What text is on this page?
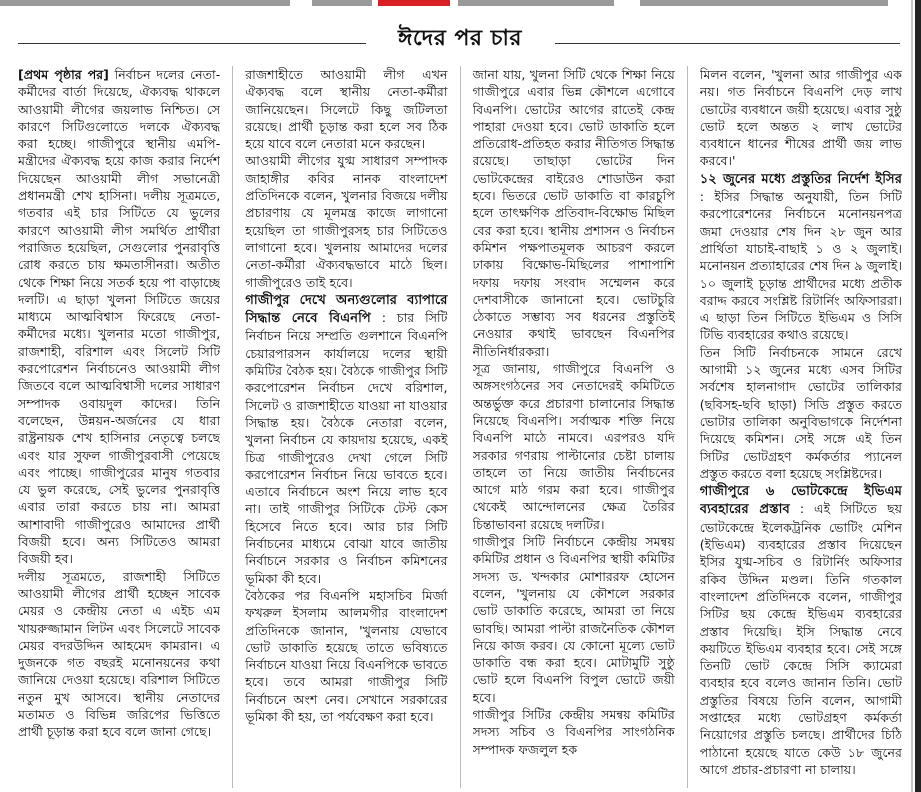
ঈদের পর চার

[প্রথম পৃষ্ঠার পর] নির্বাচন দলের নেতা-কর্মীদের বার্তা দিয়েছে, ঐক্যবদ্ধ থাকলে আওয়ামী লীগের জয়লাভ নিশ্চিত। সে কারণে সিটিগুলোতে দলকে ঐক্যবদ্ধ করা হচ্ছে। গাজীপুরে স্থানীয় এমপি-মন্ত্রীদের ঐক্যবদ্ধ হয়ে কাজ করার নির্দেশ দিয়েছেন আওয়ামী লীগ সভানেত্রী প্রধানমন্ত্রী শেখ হাসিনা। দলীয় সূত্রমতে, গতবার এই চার সিটিতে যে ভুলের কারণে আওয়ামী লীগ সমর্থিত প্রার্থীরা পরাজিত হয়েছিল, সেগুলোর পুনরাবৃত্তি রোধ করতে চায় ক্ষমতাসীনরা। অতীত থেকে শিক্ষা নিয়ে সতর্ক হয়ে পা বাড়াচ্ছে দলটি। এ ছাড়া খুলনা সিটিতে জয়ের মাধ্যমে আত্মবিশ্বাস ফিরেছে নেতা-কর্মীদের মধ্যে। খুলনার মতো গাজীপুর, রাজশাহী, বরিশাল এবং সিলেট সিটি করপোরেশন নির্বাচনেও আওয়ামী লীগ জিতবে বলে আত্মবিশ্বাসী দলের সাধারণ সম্পাদক ওবায়দুল কাদের। তিনি বলেছেন, উন্নয়ন-অর্জনের যে ধারা রাষ্ট্রনায়ক শেখ হাসিনার নেতৃত্বে চলছে এবং যার সুফল গাজীপুরবাসী পেয়েছে এবং পাচ্ছে। গাজীপুরের মানুষ গতবার যে ভুল করেছে, সেই ভুলের পুনরাবৃত্তি এবার তারা করতে চায় না। আমরা আশাবাদী গাজীপুরেও আমাদের প্রার্থী বিজয়ী হবে। অন্য সিটিতেও আমরা বিজয়ী হব।

দলীয় সূত্রমতে, রাজশাহী সিটিতে আওয়ামী লীগের প্রার্থী হচ্ছেন সাবেক মেয়র ও কেন্দ্রীয় নেতা এ এইচ এম খায়রুজ্জামান লিটন এবং সিলেটে সাবেক মেয়র বদরউদ্দিন আহমেদ কামরান। এ দুজনকে গত বছরই মনোনয়নের কথা জানিয়ে দেওয়া হয়েছে। বরিশাল সিটিতে নতুন মুখ আসবে। স্থানীয় নেতাদের মতামত ও বিভিন্ন জরিপের ভিত্তিতে প্রার্থী চূড়ান্ত করা হবে বলে জানা গেছে।

রাজশাহীতে আওয়ামী লীগ এখন ঐক্যবদ্ধ বলে স্থানীয় নেতা-কর্মীরা জানিয়েছেন। সিলেটে কিছু জটিলতা রয়েছে। প্রার্থী চূড়ান্ত করা হলে সব ঠিক হয়ে যাবে বলে নেতারা মনে করছেন।

আওয়ামী লীগের যুগ্ম সাধারণ সম্পাদক জাহাঙ্গীর কবির নানক বাংলাদেশ প্রতিদিনকে বলেন, খুলনার বিজয়ে দলীয় প্রচারণায় যে মূলমন্ত্র কাজে লাগানো হয়েছিল তা গাজীপুরসহ চার সিটিতেও লাগানো হবে। খুলনায় আমাদের দলের নেতা-কর্মীরা ঐক্যবদ্ধভাবে মাঠে ছিল। গাজীপুরেও তাই হবে।

গাজীপুর দেখে অন্যগুলোর ব্যাপারে সিদ্ধান্ত নেবে বিএনপি : চার সিটি নির্বাচন নিয়ে সম্প্রতি গুলশানে বিএনপি চেয়ারপারসন কার্যালয়ে দলের স্থায়ী কমিটির বৈঠক হয়। বৈঠকে গাজীপুর সিটি করপোরেশন নির্বাচন দেখে বরিশাল, সিলেট ও রাজশাহীতে যাওয়া না যাওয়ার সিদ্ধান্ত হয়। বৈঠকে নেতারা বলেন, খুলনা নির্বাচন যে কায়দায় হয়েছে, একই চিত্র গাজীপুরেও দেখা গেলে সিটি করপোরেশন নির্বাচন নিয়ে ভাবতে হবে। এতাবে নির্বাচনে অংশ নিয়ে লাভ হবে না। তাই গাজীপুর সিটিকে টেস্ট কেস হিসেবে নিতে হবে। আর চার সিটি নির্বাচনের মাধ্যমে বোঝা যাবে জাতীয় নির্বাচনে সরকার ও নির্বাচন কমিশনের ভূমিকা কী হবে।

বৈঠকের পর বিএনপি মহাসচিব মির্জা ফখরুল ইসলাম আলমগীর বাংলাদেশ প্রতিদিনকে জানান, 'খুলনায় যেভাবে ভোট ডাকাতি হয়েছে তাতে ভবিষ্যতে নির্বাচনে যাওয়া নিয়ে বিএনপিকে ভাবতে হবে। তবে আমরা গাজীপুর সিটি নির্বাচনে অংশ নেব। সেখানে সরকারের ভূমিকা কী হয়, তা পর্যবেক্ষণ করা হবে।

জানা যায়, খুলনা সিটি থেকে শিক্ষা নিয়ে গাজীপুরে এবার ভিন্ন কৌশলে এগোবে বিএনপি। ভোটের আগের রাতেই কেন্দ্র পাহারা দেওয়া হবে। ভোট ডাকাতি হলে প্রতিরোধ-প্রতিহত করার নীতিগত সিদ্ধান্ত রয়েছে। তাছাড়া ভোটের দিন ভোটকেন্দ্রের বাইরেও শোডাউন করা হবে। ভিতরে ভোট ডাকাতি বা কারচুপি হলে তাৎক্ষণিক প্রতিবাদ-বিক্ষোভ মিছিল বের করা হবে। স্থানীয় প্রশাসন ও নির্বাচন কমিশন পক্ষপাতমূলক আচরণ করলে ঢাকায় বিক্ষোভ-মিছিলের পাশাপাশি দফায় দফায় সংবাদ সম্মেলন করে দেশবাসীকে জানানো হবে। ভোটচুরি ঠেকাতে সম্ভাব্য সব ধরনের প্রস্তুতিই নেওয়ার কথাই ভাবছেন বিএনপির নীতিনির্ধারকরা।

সূত্র জানায়, গাজীপুরে বিএনপি ও অঙ্গসংগঠনের সব নেতাদেরই কমিটিতে অন্তর্ভুক্ত করে প্রচারণা চালানোর সিদ্ধান্ত নিয়েছে বিএনপি। সর্বাত্মক শক্তি নিয়ে বিএনপি মাঠে নামবে। এরপরও যদি সরকার গণরায় পাল্টানোর চেষ্টা চালায় তাহলে তা নিয়ে জাতীয় নির্বাচনের আগে মাঠ গরম করা হবে। গাজীপুর থেকেই আন্দোলনের ক্ষেত্র তৈরির চিন্তাভাবনা রয়েছে দলটির।

গাজীপুর সিটি নির্বাচনে কেন্দ্রীয় সমন্বয় কমিটির প্রধান ও বিএনপির স্থায়ী কমিটির সদস্য ড. খন্দকার মোশাররফ হোসেন বলেন, 'খুলনায় যে কৌশলে সরকার ভোট ডাকাতি করেছে, আমরা তা নিয়ে ভাবছি। আমরা পাল্টা রাজনৈতিক কৌশল নিয়ে কাজ করব। যে কোনো মূল্যে ভোট ডাকাতি বন্ধ করা হবে। মোটামুটি সুষ্ঠু ভোট হলে বিএনপি বিপুল ভোটে জয়ী হবে।

গাজীপুর সিটির কেন্দ্রীয় সমন্বয় কমিটির সদস্য সচিব ও বিএনপির সাংগঠনিক সম্পাদক ফজলুল হক

মিলন বলেন, 'খুলনা আর গাজীপুর এক নয়। গত নির্বাচনে বিএনপি দেড় লাখ ভোটের ব্যবধানে জয়ী হয়েছে। এবার সুষ্ঠু ভোট হলে অন্তত ২ লাখ ভোটের ব্যবধানে ধানের শীষের প্রার্থী জয় লাভ করবে।'

১২ জুনের মধ্যে প্রস্তুতির নির্দেশ ইসির : ইসির সিদ্ধান্ত অনুযায়ী, তিন সিটি করপোরেশনের নির্বাচনে মনোনয়নপত্র জমা দেওয়ার শেষ দিন ২৮ জুন আর প্রার্থিতা যাচাই-বাছাই ১ ও ২ জুলাই। মনোনয়ন প্রত্যাহারের শেষ দিন ৯ জুলাই। ১০ জুলাই চূড়ান্ত প্রার্থীদের মধ্যে প্রতীক বরাদ্দ করবে সংশ্লিষ্ট রিটার্নিং অফিসাররা। এ ছাড়া তিন সিটিতে ইভিএম ও সিসি টিভি ব্যবহারের কথাও রয়েছে।

তিন সিটি নির্বাচনকে সামনে রেখে আগামী ১২ জুনের মধ্যে এসব সিটির সর্বশেষ হালনাগাদ ভোটের তালিকার (ছবিসহ-ছবি ছাড়া) সিডি প্রস্তুত করতে ভোটার তালিকা অনুবিভাগকে নির্দেশনা দিয়েছে কমিশন। সেই সঙ্গে এই তিন সিটির ভোটগ্রহণ কর্মকর্তার প্যানেল প্রস্তুত করতে বলা হয়েছে সংশ্লিষ্টদের।

গাজীপুরে ৬ ভোটকেন্দ্রে ইভিএম ব্যবহারের প্রস্তাব : এই সিটিতে ছয় ভোটকেন্দ্রে ইলেকট্রনিক ভোটিং মেশিন (ইভিএম) ব্যবহারের প্রস্তাব দিয়েছেন ইসির যুগ্ম-সচিব ও রিটার্নিং অফিসার রকিব উদ্দিন মণ্ডল। তিনি গতকাল বাংলাদেশ প্রতিদিনকে বলেন, গাজীপুর সিটির ছয় কেন্দ্রে ইভিএম ব্যবহারের প্রস্তাব দিয়েছি। ইসি সিদ্ধান্ত নেবে কয়টিতে ইভিএম ব্যবহার হবে। সেই সঙ্গে তিনটি ভোট কেন্দ্রে সিসি ক্যামেরা ব্যবহার হবে বলেও জানান তিনি। ভোট প্রস্তুতির বিষয়ে তিনি বলেন, আগামী সপ্তাহের মধ্যে ভোটগ্রহণ কর্মকর্তা নিয়োগের প্রস্তুতি চলছে। প্রার্থীদের চিঠি পাঠানো হয়েছে যাতে কেউ ১৮ জুনের আগে প্রচার-প্রচারণা না চালায়।
